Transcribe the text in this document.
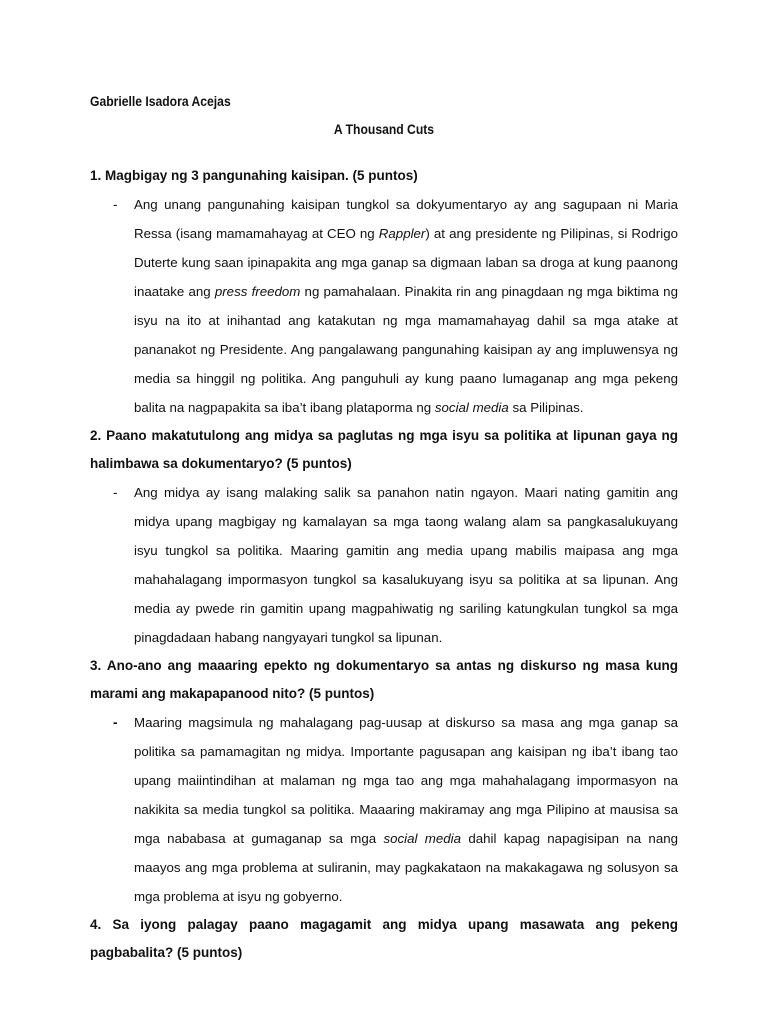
Gabrielle Isadora Acejas

A Thousand Cuts

1. Magbigay ng 3 pangunahing kaisipan. (5 puntos)

- Ang unang pangunahing kaisipan tungkol sa dokyumentaryo ay ang sagupaan ni Maria Ressa (isang mamamahayag at CEO ng Rappler) at ang presidente ng Pilipinas, si Rodrigo Duterte kung saan ipinapakita ang mga ganap sa digmaan laban sa droga at kung paanong inaatake ang press freedom ng pamahalaan. Pinakita rin ang pinagdaan ng mga biktima ng isyu na ito at inihantad ang katakutan ng mga mamamahayag dahil sa mga atake at pananakot ng Presidente. Ang pangalawang pangunahing kaisipan ay ang impluwensya ng media sa hinggil ng politika. Ang panguhuli ay kung paano lumaganap ang mga pekeng balita na nagpapakita sa iba’t ibang plataporma ng social media sa Pilipinas.

2. Paano makatutulong ang midya sa paglutas ng mga isyu sa politika at lipunan gaya ng halimbawa sa dokumentaryo? (5 puntos)

- Ang midya ay isang malaking salik sa panahon natin ngayon. Maari nating gamitin ang midya upang magbigay ng kamalayan sa mga taong walang alam sa pangkasalukuyang isyu tungkol sa politika. Maaring gamitin ang media upang mabilis maipasa ang mga mahahalagang impormasyon tungkol sa kasalukuyang isyu sa politika at sa lipunan. Ang media ay pwede rin gamitin upang magpahiwatig ng sariling katungkulan tungkol sa mga pinagdadaan habang nangyayari tungkol sa lipunan.

3. Ano-ano ang maaaring epekto ng dokumentaryo sa antas ng diskurso ng masa kung marami ang makapapanood nito? (5 puntos)

- Maaring magsimula ng mahalagang pag-uusap at diskurso sa masa ang mga ganap sa politika sa pamamagitan ng midya. Importante pagusapan ang kaisipan ng iba’t ibang tao upang maiintindihan at malaman ng mga tao ang mga mahahalagang impormasyon na nakikita sa media tungkol sa politika. Maaaring makiramay ang mga Pilipino at mausisa sa mga nababasa at gumaganap sa mga social media dahil kapag napagisipan na nang maayos ang mga problema at suliranin, may pagkakataon na makakagawa ng solusyon sa mga problema at isyu ng gobyerno.

4. Sa iyong palagay paano magagamit ang midya upang masawata ang pekeng pagbabalita? (5 puntos)
